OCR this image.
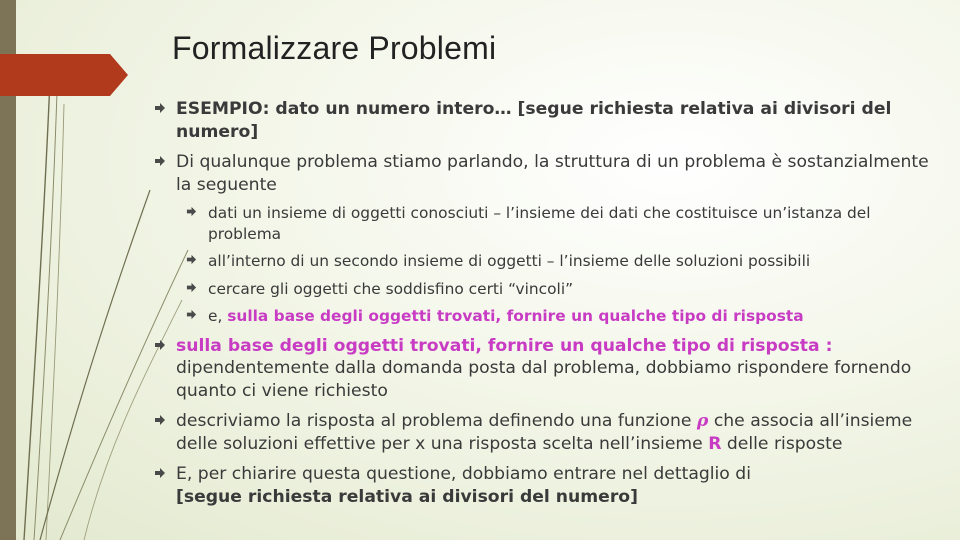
Formalizzare Problemi
ESEMPIO: dato un numero intero… [segue richiesta relativa ai divisori del numero]
Di qualunque problema stiamo parlando, la struttura di un problema è sostanzialmente la seguente
dati un insieme di oggetti conosciuti – l’insieme dei dati che costituisce un’istanza del problema
all’interno di un secondo insieme di oggetti – l’insieme delle soluzioni possibili
cercare gli oggetti che soddisfino certi “vincoli”
e, sulla base degli oggetti trovati, fornire un qualche tipo di risposta
sulla base degli oggetti trovati, fornire un qualche tipo di risposta : dipendentemente dalla domanda posta dal problema, dobbiamo rispondere fornendo quanto ci viene richiesto
descriviamo la risposta al problema definendo una funzione ρ che associa all’insieme delle soluzioni effettive per x una risposta scelta nell’insieme R delle risposte
E, per chiarire questa questione, dobbiamo entrare nel dettaglio di
[segue richiesta relativa ai divisori del numero]
